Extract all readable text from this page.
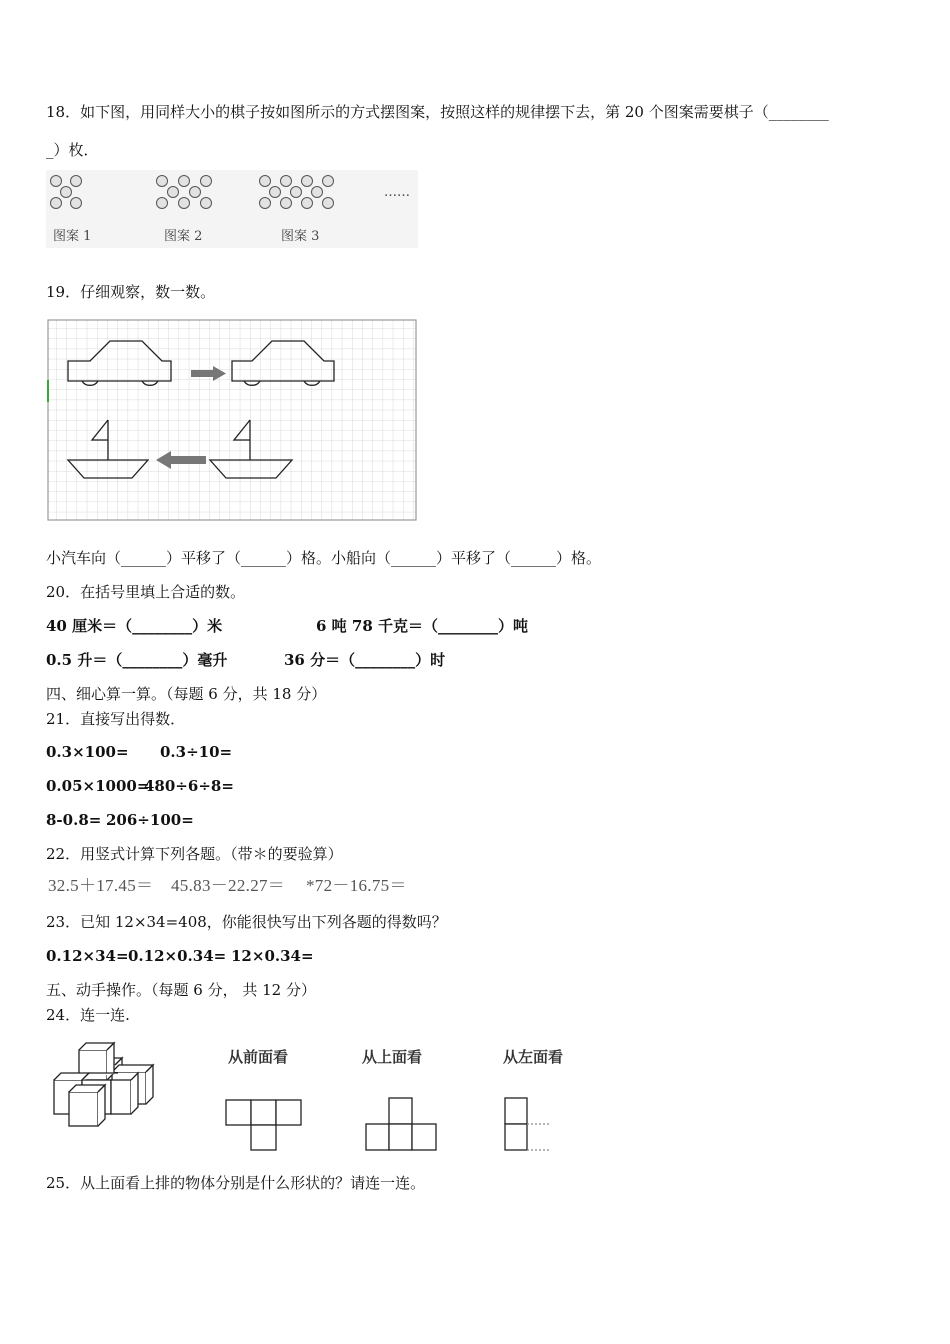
18．如下图，用同样大小的棋子按如图所示的方式摆图案，按照这样的规律摆下去，第 20 个图案需要棋子（________
_）枚．
图案 1	图案 2	图案 3
……
19．仔细观察，数一数。
小汽车向（______）平移了（______）格。小船向（______）平移了（______）格。
20．在括号里填上合适的数。
40 厘米＝（________）米	6 吨 78 千克＝（________）吨
0.5 升＝（________）毫升	36 分＝（________）时
四、细心算一算。（每题 6 分，共 18 分）
21．直接写出得数．
0.3×100= 0.3÷10=
0.05×1000=
480÷6÷8=
8-0.8= 206÷100=
22．用竖式计算下列各题。（带＊的要验算）
32.5＋17.45＝ 45.83－22.27＝ *72－16.75＝
23．已知 12×34=408，你能很快写出下列各题的得数吗？
0.12×34= 0.12×0.34= 12×0.34=
五、动手操作。（每题 6 分， 共 12 分）
24．连一连.
从前面看	从上面看	从左面看
25．从上面看上排的物体分别是什么形状的？请连一连。
